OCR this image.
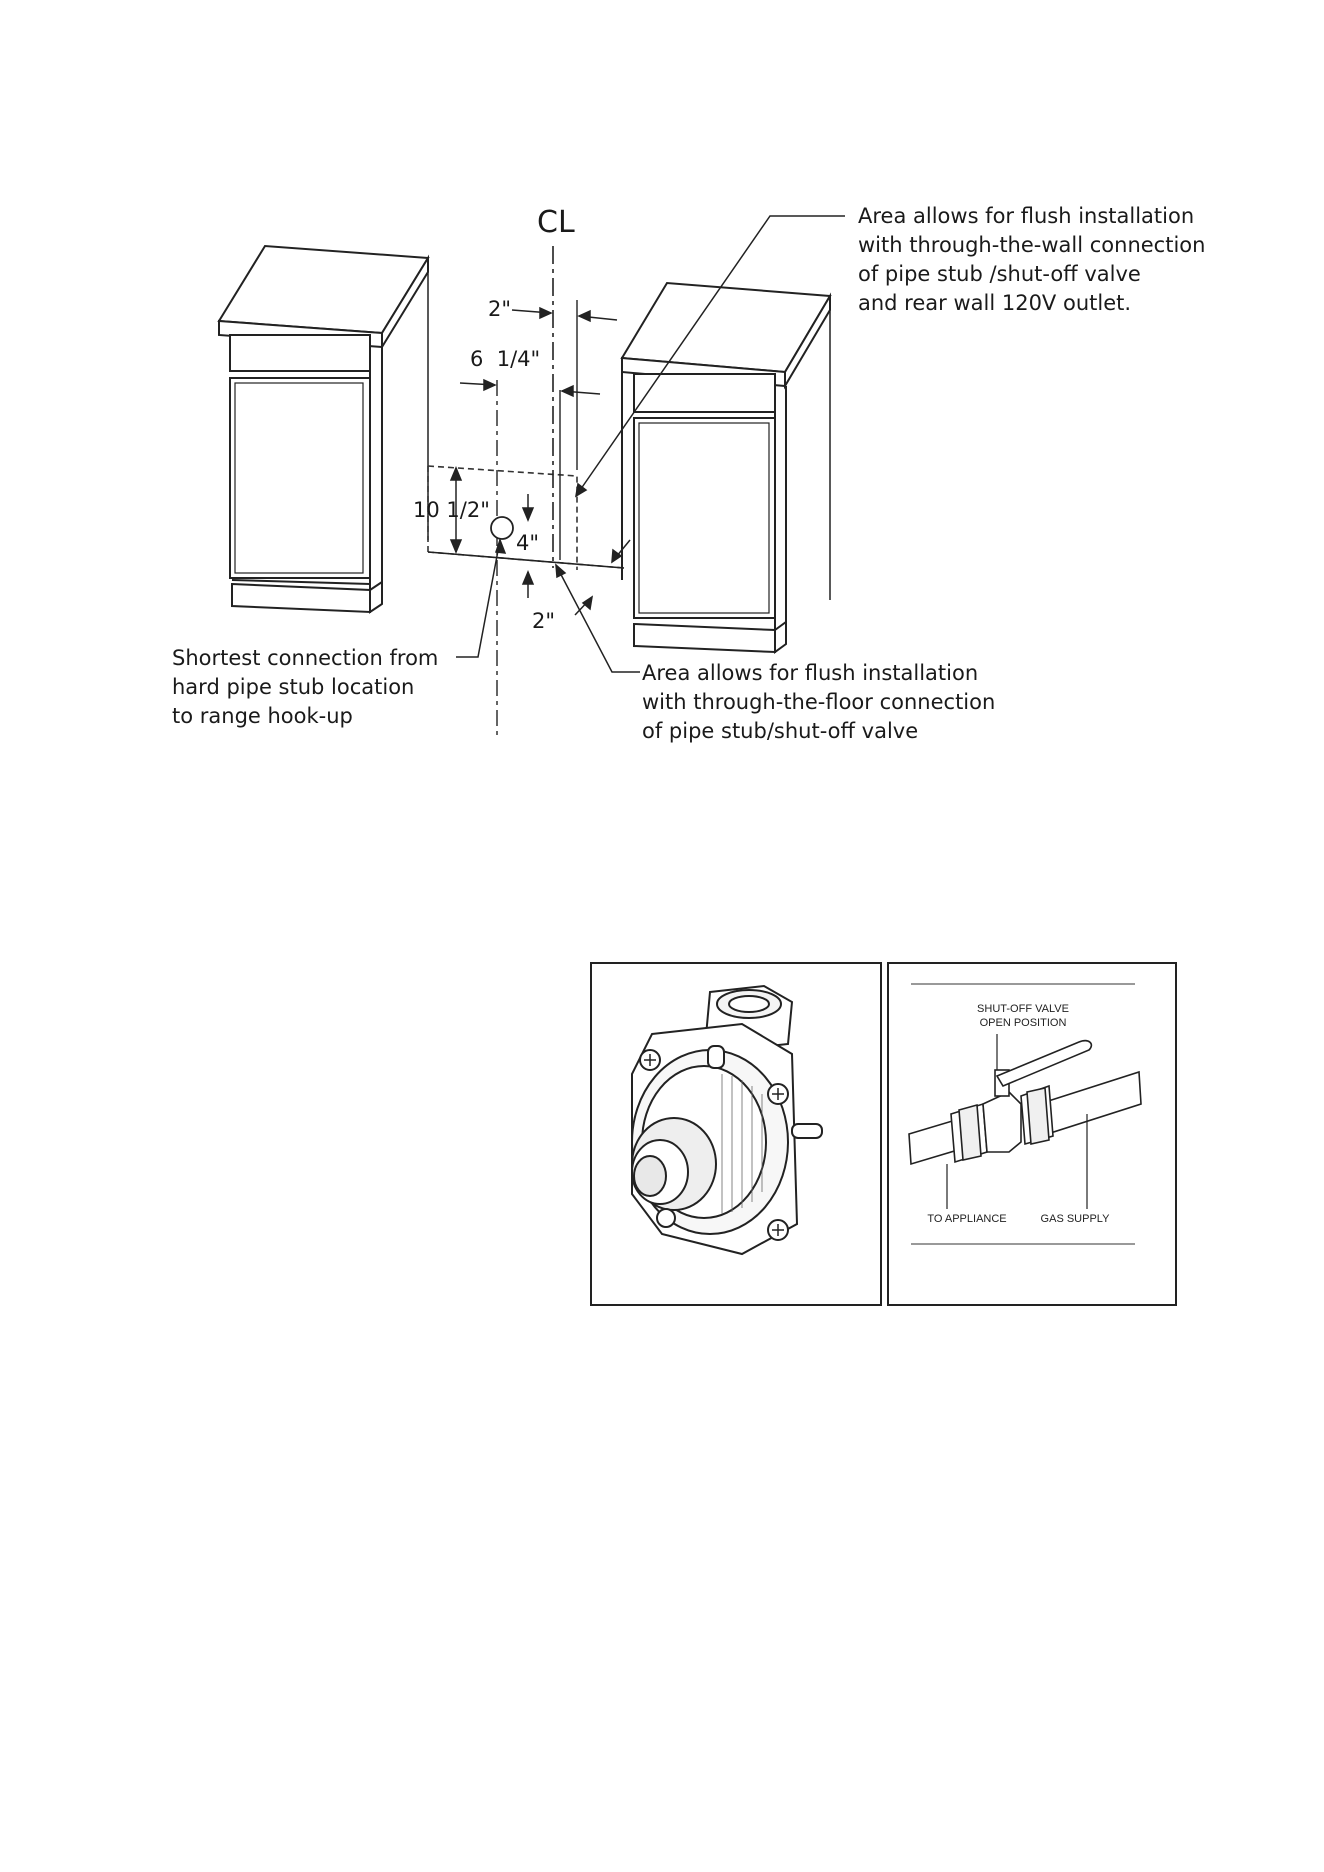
CL
2"
6  1/4"
10 1/2"
4"
2"
Area allows for flush installation
with through-the-wall connection
of pipe stub /shut-off valve
and rear wall 120V outlet.
Shortest connection from
hard pipe stub location
to range hook-up
Area allows for flush installation
with through-the-floor connection
of pipe stub/shut-off valve
SHUT-OFF VALVE
OPEN POSITION
TO APPLIANCE	GAS SUPPLY
